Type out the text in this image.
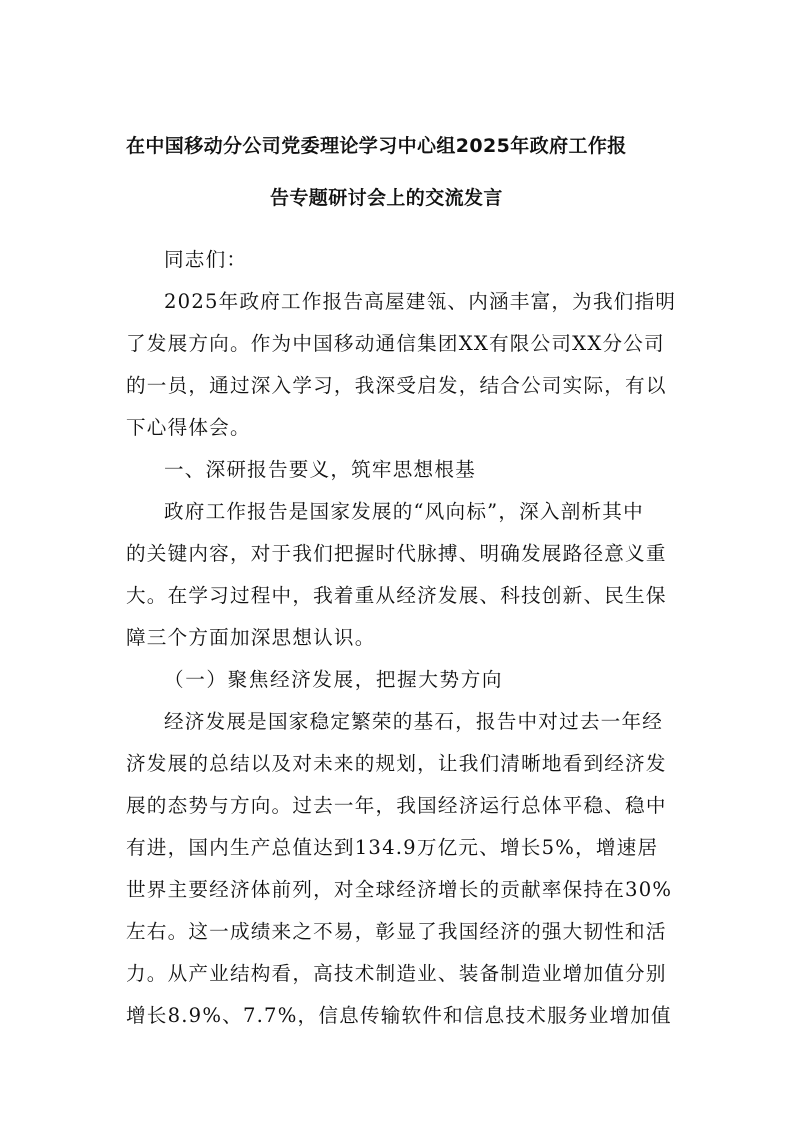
在中国移动分公司党委理论学习中心组2025年政府工作报
告专题研讨会上的交流发言
同志们：
2025年政府工作报告高屋建瓴、内涵丰富，为我们指明
了发展方向。作为中国移动通信集团XX有限公司XX分公司
的一员，通过深入学习，我深受启发，结合公司实际，有以
下心得体会。
一、深研报告要义，筑牢思想根基
政府工作报告是国家发展的“风向标”，深入剖析其中
的关键内容，对于我们把握时代脉搏、明确发展路径意义重
大。在学习过程中，我着重从经济发展、科技创新、民生保
障三个方面加深思想认识。
（一）聚焦经济发展，把握大势方向
经济发展是国家稳定繁荣的基石，报告中对过去一年经
济发展的总结以及对未来的规划，让我们清晰地看到经济发
展的态势与方向。过去一年，我国经济运行总体平稳、稳中
有进，国内生产总值达到134.9万亿元、增长5%，增速居
世界主要经济体前列，对全球经济增长的贡献率保持在30%
左右。这一成绩来之不易，彰显了我国经济的强大韧性和活
力。从产业结构看，高技术制造业、装备制造业增加值分别
增长8.9%、7.7%，信息传输软件和信息技术服务业增加值
